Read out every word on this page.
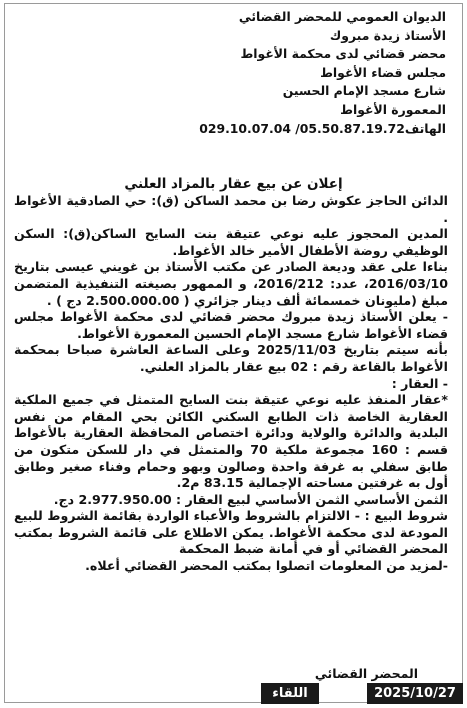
الديوان العمومي للمحضر القضائي
الأستاذ زيدة مبروك
محضر قضائي لدى محكمة الأغواط
مجلس قضاء الأغواط
شارع مسجد الإمام الحسين
المعمورة الأغواط
الهاتف05.50.87.19.72/ 029.10.07.04
إعلان عن بيع عقار بالمزاد العلني

الدائن الحاجز عكوش رضا بن محمد الساكن (ق): حي الصادقية الأغواط .

المدين المحجوز عليه نوعي عتيقة بنت السايح الساكن(ق): السكن الوظيفي روضة الأطفال الأمير خالد الأغواط.

بناءا على عقد وديعة الصادر عن مكتب الأستاذ بن غويني عيسى بتاريخ 2016/03/10، عدد: 2016/212، و الممهور بصيغته التنفيذية المتضمن مبلغ (مليونان خمسمائة ألف دينار جزائري ( 2.500.000.00 دج ) .

- يعلن الأستاذ زيدة مبروك محضر قضائي لدى محكمة الأغواط مجلس قضاء الأغواط شارع مسجد الإمام الحسين المعمورة الأغواط.

بأنه سيتم بتاريخ 2025/11/03 وعلى الساعة العاشرة صباحا بمحكمة الأغواط بالقاعة رقم : 02 بيع عقار بالمزاد العلني.

- العقار :

*عقار المنفذ عليه نوعي عتيقة بنت السايح المتمثل في جميع الملكية العقارية الخاصة ذات الطابع السكني الكائن بحي المقام من نفس البلدية والدائرة والولاية ودائرة اختصاص المحافظة العقارية بالأغواط قسم : 160 مجموعة ملكية 70 والمتمثل في دار للسكن متكون من طابق سفلي به غرفة واحدة وصالون وبهو وحمام وفناء صغير وطابق أول به غرفتين مساحته الإجمالية 83.15 م2.

الثمن الأساسي الثمن الأساسي لبيع العقار : 2.977.950.00 دج.

شروط البيع : - الالتزام بالشروط والأعباء الواردة بقائمة الشروط للبيع المودعة لدى محكمة الأغواط. يمكن الاطلاع على قائمة الشروط بمكتب المحضر القضائي أو في أمانة ضبط المحكمة

-لمزيد من المعلومات اتصلوا بمكتب المحضر القضائي أعلاه.

المحضر القضائي
2025/10/27
اللقاء
